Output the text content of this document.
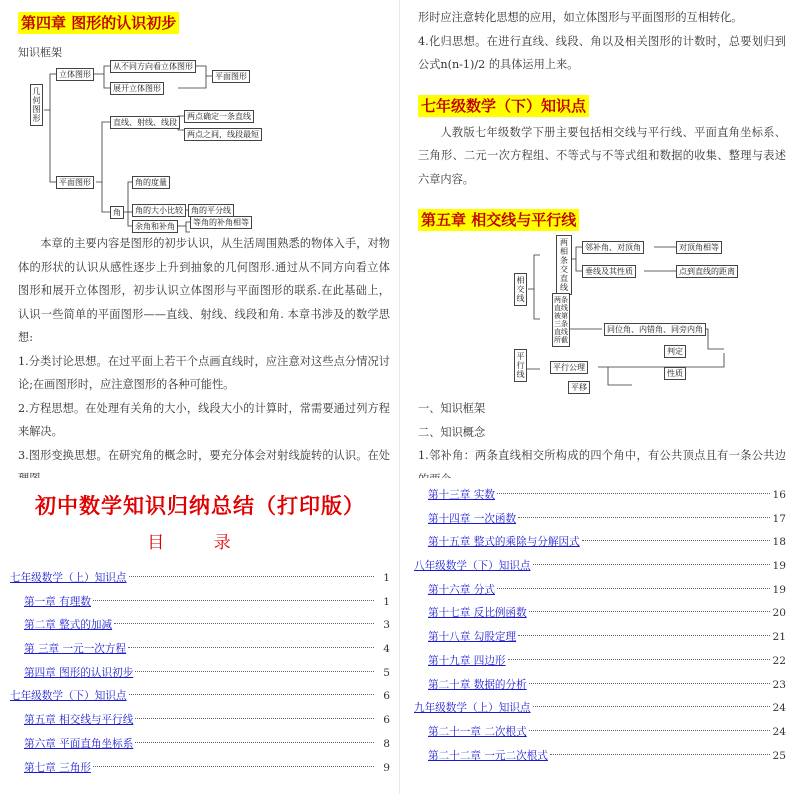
第四章 图形的认识初步
知识框架
几何图形
立体图形
从不同方向看立体图形
展开立体图形
平面图形
平面图形
直线、射线、线段
两点确定一条直线
两点之间，线段最短
角
角的度量
角的大小比较	角的平分线
余角和补角	等角的补角相等

本章的主要内容是图形的初步认识，从生活周围熟悉的物体入手，对物体的形状的认识从感性逐步上升到抽象的几何图形.通过从不同方向看立体图形和展开立体图形，初步认识立体图形与平面图形的联系.在此基础上，认识一些简单的平面图形——直线、射线、线段和角. 本章书涉及的数学思想:

1.分类讨论思想。在过平面上若干个点画直线时，应注意对这些点分情况讨论;在画图形时，应注意图形的各种可能性。

2.方程思想。在处理有关角的大小，线段大小的计算时，常需要通过列方程来解决。

3.图形变换思想。在研究角的概念时，要充分体会对射线旋转的认识。在处

形时应注意转化思想的应用，如立体图形与平面图形的互相转化。

4.化归思想。在进行直线、线段、角以及相关图形的计数时，总要划归到公式n(n-1)/2 的具体运用上来。

七年级数学（下）知识点

人教版七年级数学下册主要包括相交线与平行线、平面直角坐标系、三角形、二元一次方程组、不等式与不等式组和数据的收集、整理与表述六章内容。

第五章 相交线与平行线
相交线
两相条交直线
邻补角、对顶角	对顶角相等
垂线及其性质	点到直线的距离
两条直线被第三条直线所截
同位角、内错角、同旁内角
平行线
平行公理
判定
性质
平移

一、知识框架

二、知识概念

1.邻补角：两条直线相交所构成的四个角中，有公共顶点且有一条公共边

初中数学知识归纳总结（打印版）
目 录
七年级数学（上）知识点	1
第一章 有理数	1
第二章 整式的加减	3
第 三章 一元一次方程	4
第四章 图形的认识初步	5
七年级数学（下）知识点	6
第五章 相交线与平行线	6
第六章 平面直角坐标系	8
第七章 三角形	9
第十三章 实数	16
第十四章 一次函数	17
第十五章 整式的乘除与分解因式	18
八年级数学（下）知识点	19
第十六章 分式	19
第十七章 反比例函数	20
第十八章 勾股定理	21
第十九章 四边形	22
第二十章 数据的分析	23
九年级数学（上）知识点	24
第二十一章 二次根式	24
第二十二章 一元二次根式	25
